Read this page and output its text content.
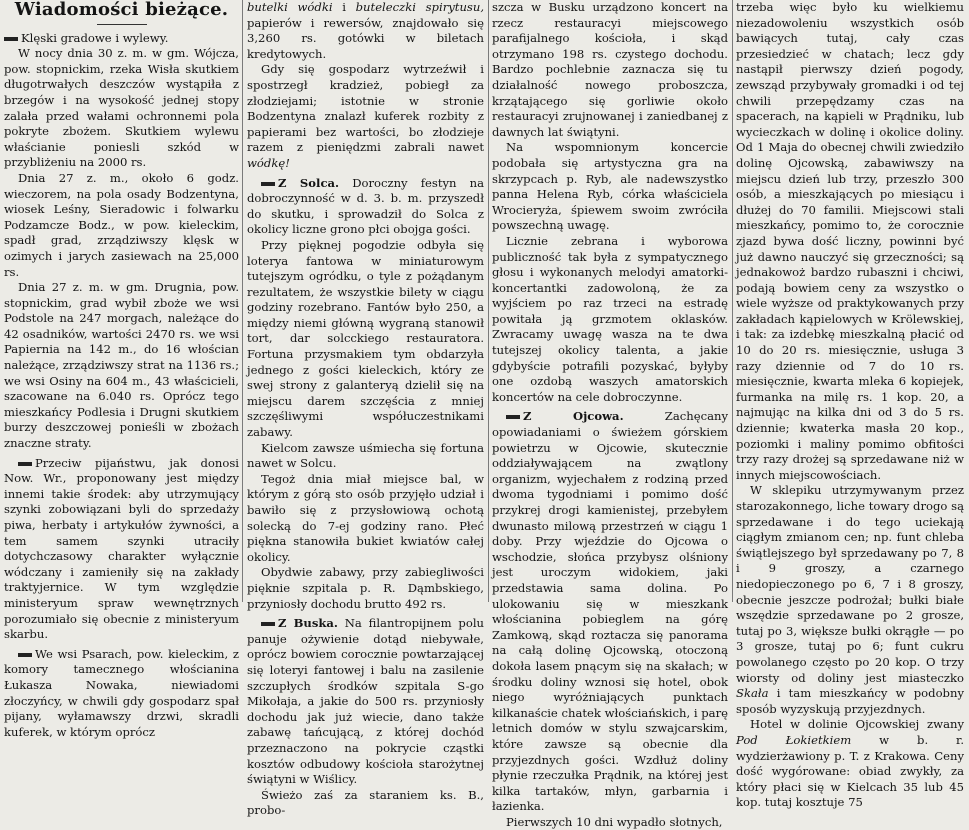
Wiadomości bieżące.

Klęski gradowe i wylewy.

W nocy dnia 30 z. m. w gm. Wójcza, pow. stopnickim, rzeka Wisła skutkiem długotrwałych deszczów wystąpiła z brzegów i na wysokość jednej stopy zalała przed wałami ochronnemi pola pokryte zbożem. Skutkiem wylewu właścianie poniesli szkód w przybliżeniu na 2000 rs.

Dnia 27 z. m., około 6 godz. wieczorem, na pola osady Bodzentyna, wiosek Leśny, Sieradowic i folwarku Podzamcze Bodz., w pow. kieleckim, spadł grad, zrządziwszy klęsk w ozimych i jarych zasiewach na 25,000 rs.

Dnia 27 z. m. w gm. Drugnia, pow. stopnickim, grad wybił zboże we wsi Podstole na 247 morgach, należące do 42 osadników, wartości 2470 rs. we wsi Papiernia na 142 m., do 16 włościan należące, zrządziwszy strat na 1136 rs.; we wsi Osiny na 604 m., 43 właścicieli, szacowane na 6.040 rs. Oprócz tego mieszkańcy Podlesia i Drugni skutkiem burzy deszczowej ponieśli w zbożach znaczne straty.

Przeciw pijaństwu, jak donosi Now. Wr., proponowany jest między innemi takie środek: aby utrzymujący szynki zobowiązani byli do sprzedaży piwa, herbaty i artykułów żywności, a tem samem szynki utraciły dotychczasowy charakter wyłącznie wódczany i zamieniły się na zakłady traktyjernice. W tym względzie ministeryum spraw wewnętrznych porozumiało się obecnie z ministeryum skarbu.

We wsi Psarach, pow. kieleckim, z komory tamecznego włościanina Łukasza Nowaka, niewiadomi złoczyńcy, w chwili gdy gospodarz spał pijany, wyłamawszy drzwi, skradli kuferek, w którym oprócz

butelki wódki i buteleczki spirytusu, papierów i rewersów, znajdowało się 3,260 rs. gotówki w biletach kredytowych.

Gdy się gospodarz wytrzeźwił i spostrzegł kradzież, pobiegł za złodziejami; istotnie w stronie Bodzentyna znalazł kuferek rozbity z papierami bez wartości, bo złodzieje razem z pieniędzmi zabrali nawet wódkę!

Z Solca. Doroczny festyn na dobroczynność w d. 3. b. m. przyszedł do skutku, i sprowadził do Solca z okolicy liczne grono płci obojga gości.

Przy pięknej pogodzie odbyła się loterya fantowa w miniaturowym tutejszym ogródku, o tyle z pożądanym rezultatem, że wszystkie bilety w ciągu godziny rozebrano. Fantów było 250, a między niemi główną wygraną stanowił tort, dar solcckiego restauratora. Fortuna przysmakiem tym obdarzyła jednego z gości kieleckich, który ze swej strony z galanteryą dzielił się na miejscu darem szczęścia z mniej szczęśliwymi współuczestnikami zabawy.

Kielcom zawsze uśmiecha się fortuna nawet w Solcu.

Tegoż dnia miał miejsce bal, w którym z górą sto osób przyjęło udział i bawiło się z przysłowiową ochotą solecką do 7-ej godziny rano. Płeć piękna stanowiła bukiet kwiatów całej okolicy.

Obydwie zabawy, przy zabiegliwości pięknie szpitala p. R. Dąmbskiego, przyniosły dochodu brutto 492 rs.

Z Buska. Na filantropijnem polu panuje ożywienie dotąd niebywałe, oprócz bowiem corocznie powtarzającej się loteryi fantowej i balu na zasilenie szczupłych środków szpitala S-go Mikołaja, a jakie do 500 rs. przyniosły dochodu jak już wiecie, dano także zabawę tańcującą, z której dochód przeznaczono na pokrycie cząstki kosztów odbudowy kościoła starożytnej świątyni w Wiślicy.

Świeżo zaś za staraniem ks. B., probo-

szcza w Busku urządzono koncert na rzecz restauracyi miejscowego parafijalnego kościoła, i skąd otrzymano 198 rs. czystego dochodu. Bardzo pochlebnie zaznacza się tu działalność nowego proboszcza, krzątającego się gorliwie około restauracyi zrujnowanej i zaniedbanej z dawnych lat świątyni.

Na wspomnionym koncercie podobała się artystyczna gra na skrzypcach p. Ryb, ale nadewszystko panna Helena Ryb, córka właściciela Wrocieryża, śpiewem swoim zwróciła powszechną uwagę.

Licznie zebrana i wyborowa publiczność tak była z sympatycznego głosu i wykonanych melodyi amatorki-koncertantki zadowoloną, że za wyjściem po raz trzeci na estradę powitała ją grzmotem oklasków. Zwracamy uwagę wasza na te dwa tutejszej okolicy talenta, a jakie gdybyście potrafili pozyskać, byłyby one ozdobą waszych amatorskich koncertów na cele dobroczynne.

Z Ojcowa.	Zachęcany opowiadaniami o świeżem górskiem powietrzu w Ojcowie, skutecznie oddziaływającem na zwątlony organizm, wyjechałem z rodziną przed dwoma tygodniami i pomimo dość przykrej drogi kamienistej, przebyłem dwunasto milową przestrzeń w ciągu 1 doby. Przy wjeździe do Ojcowa o wschodzie, słońca przybysz olśniony jest uroczym widokiem, jaki przedstawia sama dolina. Po ulokowaniu się w mieszkank włościanina pobieglem na górę Zamkową, skąd roztacza się panorama na całą dolinę Ojcowską, otoczoną dokoła lasem pnącym się na skałach; w środku doliny wznosi się hotel, obok niego wyróżniających punktach kilkanaście chatek włościańskich, i parę letnich domów w stylu szwajcarskim, które zawsze są obecnie dla przyjezdnych gości. Wzdłuż doliny płynie rzeczułka Prądnik, na której jest kilka tartaków, młyn, garbarnia i łazienka.

Pierwszych 10 dni wypadło słotnych,

trzeba więc było ku wielkiemu niezadowoleniu wszystkich osób bawiących tutaj, cały czas przesiedzieć w chatach; lecz gdy nastąpił pierwszy dzień pogody, zewsząd przybywały gromadki i od tej chwili przepędzamy czas na spacerach, na kąpieli w Prądniku, lub wycieczkach w dolinę i okolice doliny. Od 1 Maja do obecnej chwili zwiedziło dolinę Ojcowską, zabawiwszy na miejscu dzień lub trzy, przeszło 300 osób, a mieszkających po miesiącu i dłużej do 70 familii. Miejscowi stali mieszkańcy, pomimo to, że corocznie zjazd bywa dość liczny, powinni być już dawno nauczyć się grzeczności; są jednakowoż bardzo rubaszni i chciwi, podają bowiem ceny za wszystko o wiele wyższe od praktykowanych przy zakładach kąpielowych w Krölewskiej, i tak: za izdebkę mieszkalną płacić od 10 do 20 rs. miesięcznie, usługa 3 razy dziennie od 7 do 10 rs. miesięcznie, kwarta mleka 6 kopiejek, furmanka na milę rs. 1 kop. 20, a najmując na kilka dni od 3 do 5 rs. dziennie; kwaterka masła 20 kop., poziomki i maliny pomimo obfitości trzy razy drożej są sprzedawane niż w innych miejscowościach.

W sklepiku utrzymywanym przez starozakonnego, liche towary drogo są sprzedawane i do tego uciekają ciągłym zmianom cen; np. funt chleba świątlejszego był sprzedawany po 7, 8 i 9 groszy, a czarnego niedopieczonego po 6, 7 i 8 groszy, obecnie jeszcze podrożał; bułki białe wszędzie sprzedawane po 2 grosze, tutaj po 3, większe bułki okrągłe — po 3 grosze, tutaj po 6; funt cukru powolanego często po 20 kop. O trzy wiorsty od doliny jest miasteczko Skała i tam mieszkańcy w podobny sposób wyzyskują przyjezdnych.

Hotel w dolinie Ojcowskiej zwany Pod Łokietkiem w b. r. wydzierżawiony p. T. z Krakowa. Ceny dość wygórowane: obiad zwykły, za który płaci się w Kielcach 35 lub 45 kop. tutaj kosztuje 75
